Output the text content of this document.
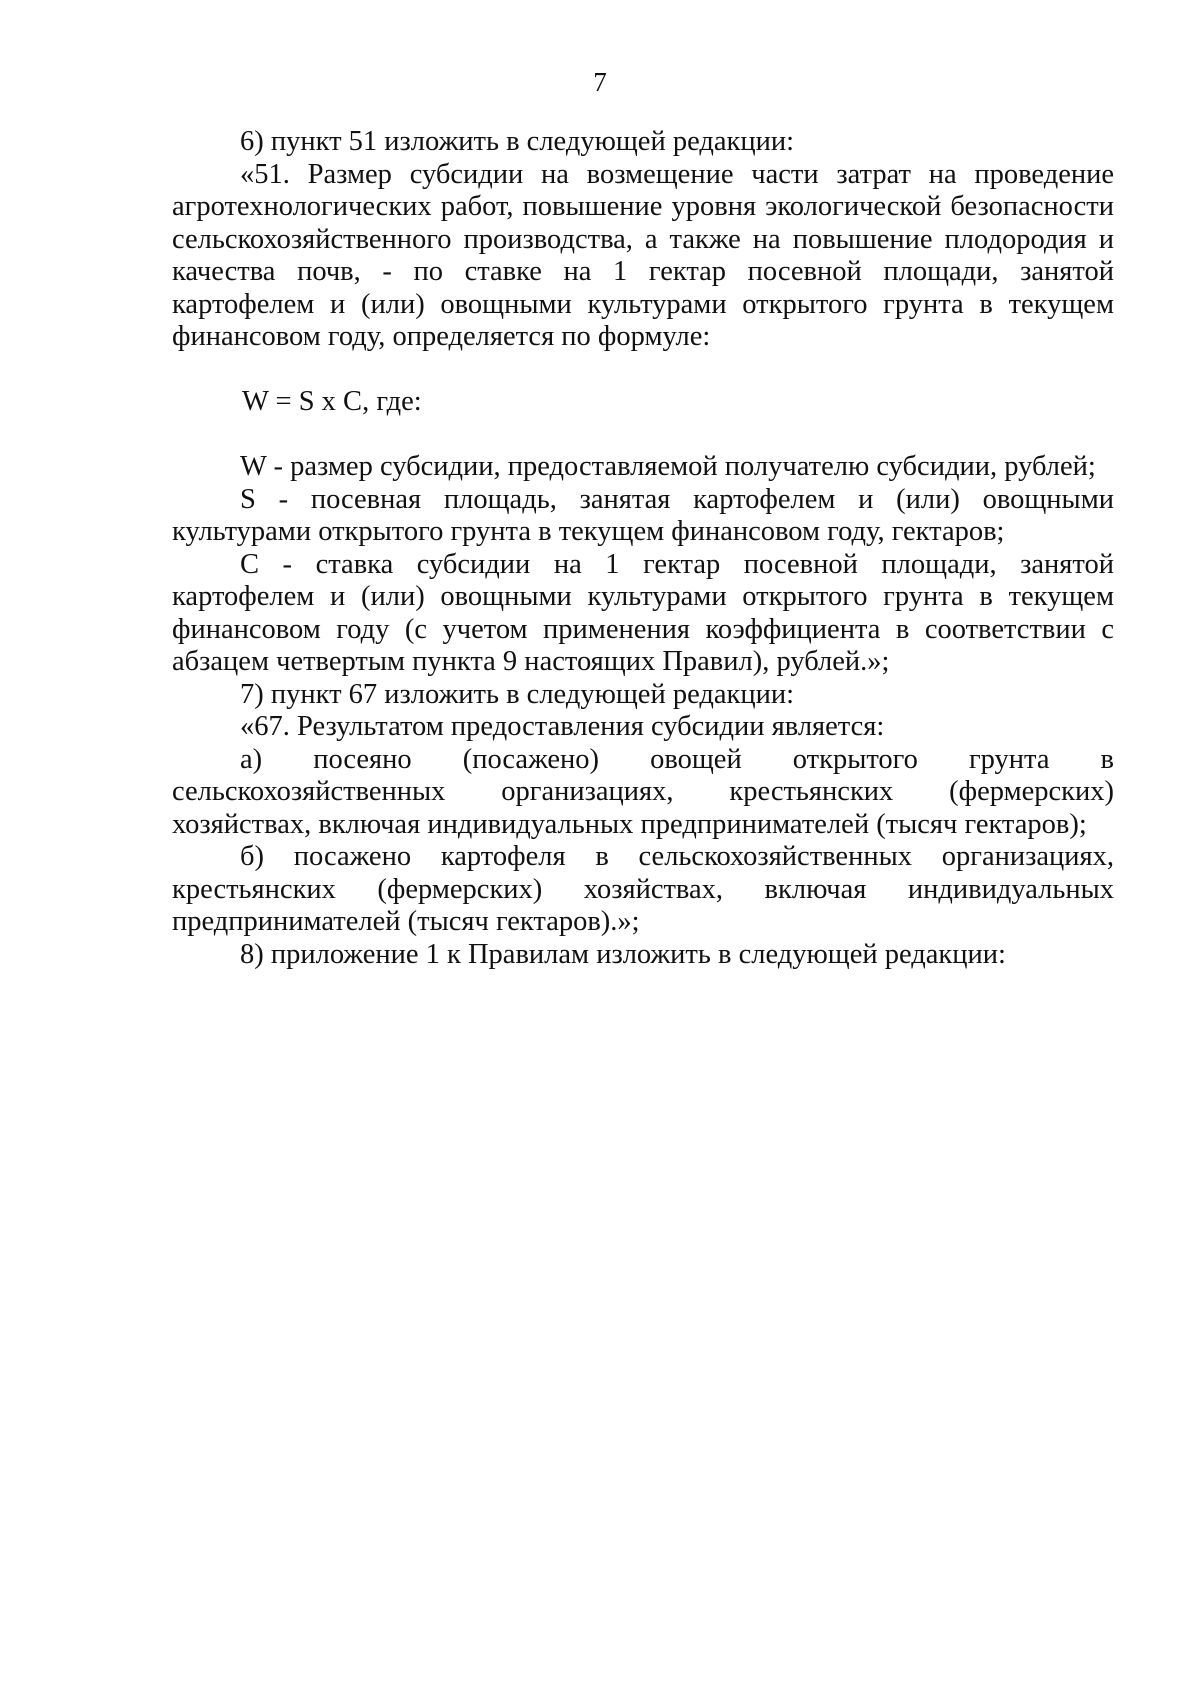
7

6) пункт 51 изложить в следующей редакции:

«51. Размер субсидии на возмещение части затрат на проведение агротехнологических работ, повышение уровня экологической безопасности сельскохозяйственного производства, а также на повышение плодородия и качества почв, - по ставке на 1 гектар посевной площади, занятой картофелем и (или) овощными культурами открытого грунта в текущем финансовом году, определяется по формуле:

W = S x C, где:

W - размер субсидии, предоставляемой получателю субсидии, рублей;

S - посевная площадь, занятая картофелем и (или) овощными культурами открытого грунта в текущем финансовом году, гектаров;

C - ставка субсидии на 1 гектар посевной площади, занятой картофелем и (или) овощными культурами открытого грунта в текущем финансовом году (с учетом применения коэффициента в соответствии с абзацем четвертым пункта 9 настоящих Правил), рублей.»;

7) пункт 67 изложить в следующей редакции:

«67. Результатом предоставления субсидии является:

а) посеяно (посажено) овощей открытого грунта в сельскохозяйственных организациях, крестьянских (фермерских) хозяйствах, включая индивидуальных предпринимателей (тысяч гектаров);

б) посажено картофеля в сельскохозяйственных организациях, крестьянских (фермерских) хозяйствах, включая индивидуальных предпринимателей (тысяч гектаров).»;

8) приложение 1 к Правилам изложить в следующей редакции:
